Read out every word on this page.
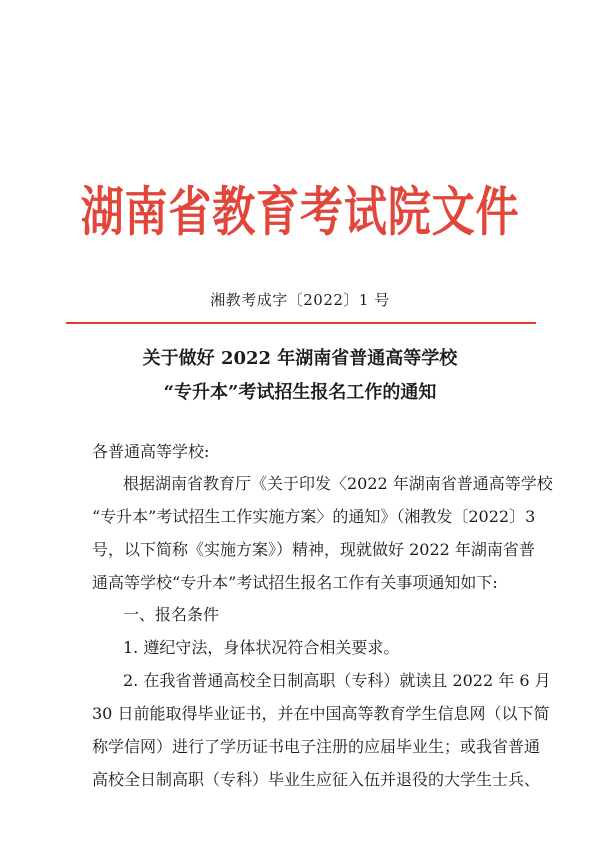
湖南省教育考试院文件
湘教考成字〔2022〕1 号
关于做好 2022 年湖南省普通高等学校
“专升本”考试招生报名工作的通知
各普通高等学校:
根据湖南省教育厅《关于印发〈2022 年湖南省普通高等学校
“专升本”考试招生工作实施方案〉的通知》（湘教发〔2022〕3
号，以下简称《实施方案》）精神，现就做好 2022 年湖南省普
通高等学校“专升本”考试招生报名工作有关事项通知如下:
一、报名条件
1. 遵纪守法，身体状况符合相关要求。
2. 在我省普通高校全日制高职（专科）就读且 2022 年 6 月
30 日前能取得毕业证书，并在中国高等教育学生信息网（以下简
称学信网）进行了学历证书电子注册的应届毕业生；或我省普通
高校全日制高职（专科）毕业生应征入伍并退役的大学生士兵、
